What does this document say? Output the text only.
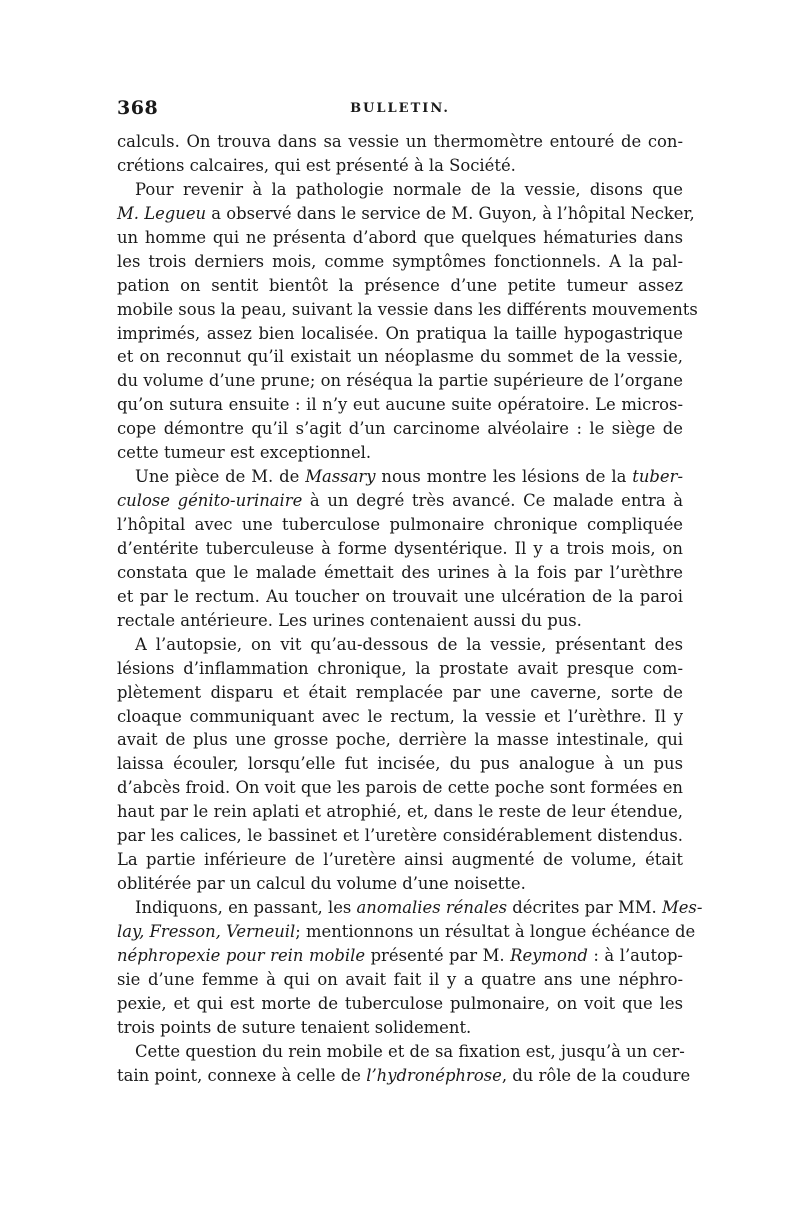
368	BULLETIN.
calculs. On trouva dans sa vessie un thermomètre entouré de con-
crétions calcaires, qui est présenté à la Société.
Pour revenir à la pathologie normale de la vessie, disons que
M. Legueu a observé dans le service de M. Guyon, à l’hôpital Necker,
un homme qui ne présenta d’abord que quelques hématuries dans
les trois derniers mois, comme symptômes fonctionnels. A la pal-
pation on sentit bientôt la présence d’une petite tumeur assez
mobile sous la peau, suivant la vessie dans les différents mouvements
imprimés, assez bien localisée. On pratiqua la taille hypogastrique
et on reconnut qu’il existait un néoplasme du sommet de la vessie,
du volume d’une prune; on réséqua la partie supérieure de l’organe
qu’on sutura ensuite : il n’y eut aucune suite opératoire. Le micros-
cope démontre qu’il s’agit d’un carcinome alvéolaire : le siège de
cette tumeur est exceptionnel.
Une pièce de M. de Massary nous montre les lésions de la tuber-
culose génito-urinaire à un degré très avancé. Ce malade entra à
l’hôpital avec une tuberculose pulmonaire chronique compliquée
d’entérite tuberculeuse à forme dysentérique. Il y a trois mois, on
constata que le malade émettait des urines à la fois par l’urèthre
et par le rectum. Au toucher on trouvait une ulcération de la paroi
rectale antérieure. Les urines contenaient aussi du pus.
A l’autopsie, on vit qu’au-dessous de la vessie, présentant des
lésions d’inflammation chronique, la prostate avait presque com-
plètement disparu et était remplacée par une caverne, sorte de
cloaque communiquant avec le rectum, la vessie et l’urèthre. Il y
avait de plus une grosse poche, derrière la masse intestinale, qui
laissa écouler, lorsqu’elle fut incisée, du pus analogue à un pus
d’abcès froid. On voit que les parois de cette poche sont formées en
haut par le rein aplati et atrophié, et, dans le reste de leur étendue,
par les calices, le bassinet et l’uretère considérablement distendus.
La partie inférieure de l’uretère ainsi augmenté de volume, était
oblitérée par un calcul du volume d’une noisette.
Indiquons, en passant, les anomalies rénales décrites par MM. Mes-
lay, Fresson, Verneuil; mentionnons un résultat à longue échéance de
néphropexie pour rein mobile présenté par M. Reymond : à l’autop-
sie d’une femme à qui on avait fait il y a quatre ans une néphro-
pexie, et qui est morte de tuberculose pulmonaire, on voit que les
trois points de suture tenaient solidement.
Cette question du rein mobile et de sa fixation est, jusqu’à un cer-
tain point, connexe à celle de l’hydronéphrose, du rôle de la coudure
